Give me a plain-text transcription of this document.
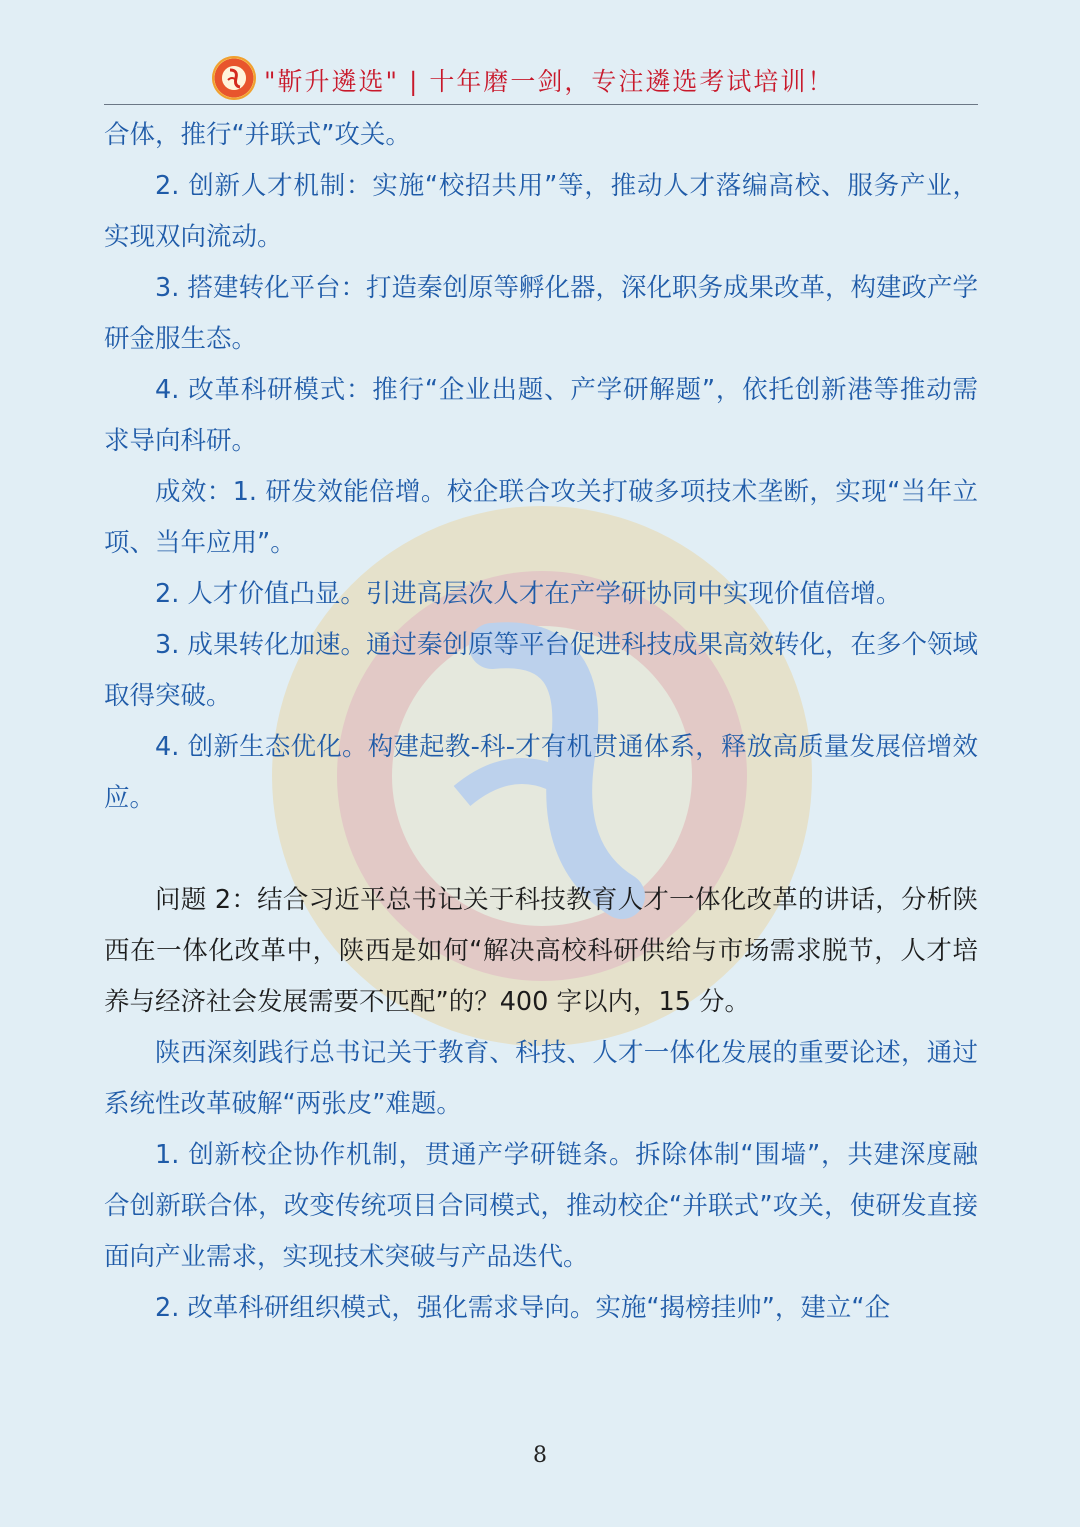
"靳升遴选" | 十年磨一剑，专注遴选考试培训！

合体，推行“并联式”攻关。

2. 创新人才机制：实施“校招共用”等，推动人才落编高校、服务产业，实现双向流动。

3. 搭建转化平台：打造秦创原等孵化器，深化职务成果改革，构建政产学研金服生态。

4. 改革科研模式：推行“企业出题、产学研解题”，依托创新港等推动需求导向科研。

成效：1. 研发效能倍增。校企联合攻关打破多项技术垄断，实现“当年立项、当年应用”。

2. 人才价值凸显。引进高层次人才在产学研协同中实现价值倍增。

3. 成果转化加速。通过秦创原等平台促进科技成果高效转化，在多个领域取得突破。

4. 创新生态优化。构建起教-科-才有机贯通体系，释放高质量发展倍增效应。

问题 2：结合习近平总书记关于科技教育人才一体化改革的讲话，分析陕西在一体化改革中，陕西是如何“解决高校科研供给与市场需求脱节，人才培养与经济社会发展需要不匹配”的？400 字以内，15 分。

陕西深刻践行总书记关于教育、科技、人才一体化发展的重要论述，通过系统性改革破解“两张皮”难题。

1. 创新校企协作机制，贯通产学研链条。拆除体制“围墙”，共建深度融合创新联合体，改变传统项目合同模式，推动校企“并联式”攻关，使研发直接面向产业需求，实现技术突破与产品迭代。

2. 改革科研组织模式，强化需求导向。实施“揭榜挂帅”，建立“企

8
